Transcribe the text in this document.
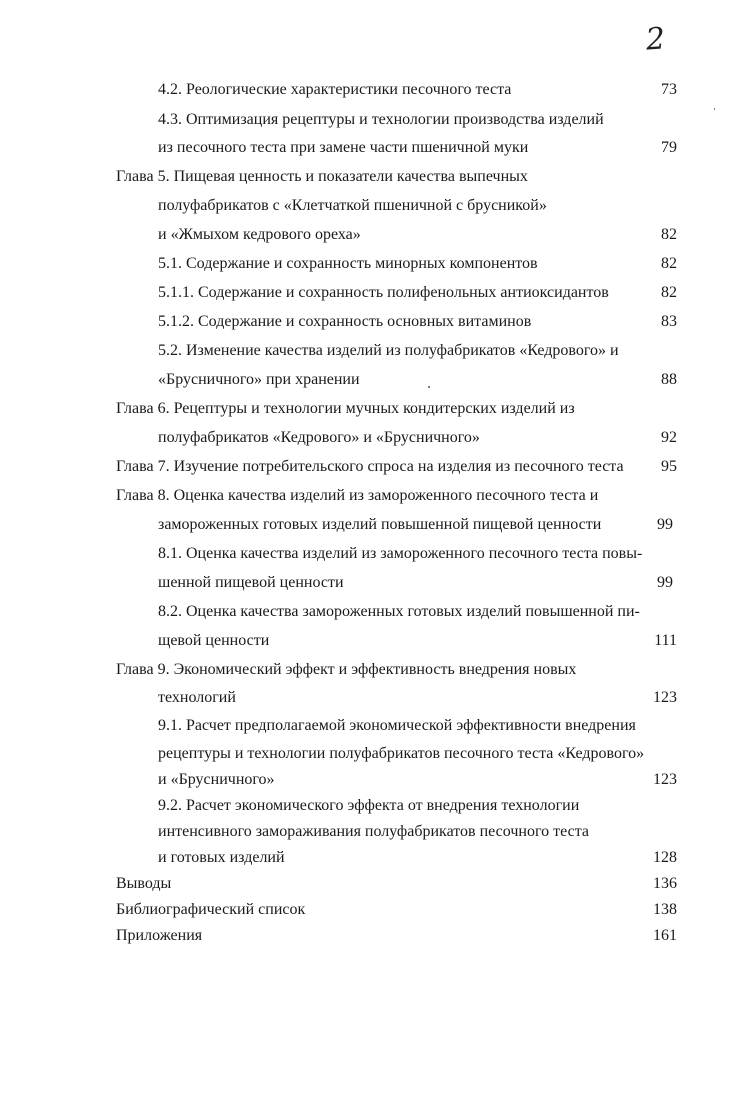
2
4.2. Реологические характеристики песочного теста	73
4.3. Оптимизация рецептуры и технологии производства изделий
из песочного теста при замене части пшеничной муки	79
Глава 5. Пищевая ценность и показатели качества выпечных
полуфабрикатов с «Клетчаткой пшеничной с брусникой»
и «Жмыхом кедрового ореха»	82
5.1. Содержание и сохранность минорных компонентов	82
5.1.1. Содержание и сохранность полифенольных антиоксидантов	82
5.1.2. Содержание и сохранность основных витаминов	83
5.2. Изменение качества изделий из полуфабрикатов «Кедрового» и
«Брусничного» при хранении	88
Глава 6. Рецептуры и технологии мучных кондитерских изделий из
полуфабрикатов «Кедрового» и «Брусничного»	92
Глава 7. Изучение потребительского спроса на изделия из песочного теста	95
Глава 8. Оценка качества изделий из замороженного песочного теста и
замороженных готовых изделий повышенной пищевой ценности	99
8.1. Оценка качества изделий из замороженного песочного теста повы-
шенной пищевой ценности	99
8.2. Оценка качества замороженных готовых изделий повышенной пи-
щевой ценности	111
Глава 9. Экономический эффект и эффективность внедрения новых
технологий	123
9.1. Расчет предполагаемой экономической эффективности внедрения
рецептуры и технологии полуфабрикатов песочного теста «Кедрового»
и «Брусничного»	123
9.2. Расчет экономического эффекта от внедрения технологии
интенсивного замораживания полуфабрикатов песочного теста
и готовых изделий	128
Выводы	136
Библиографический список	138
Приложения	161
